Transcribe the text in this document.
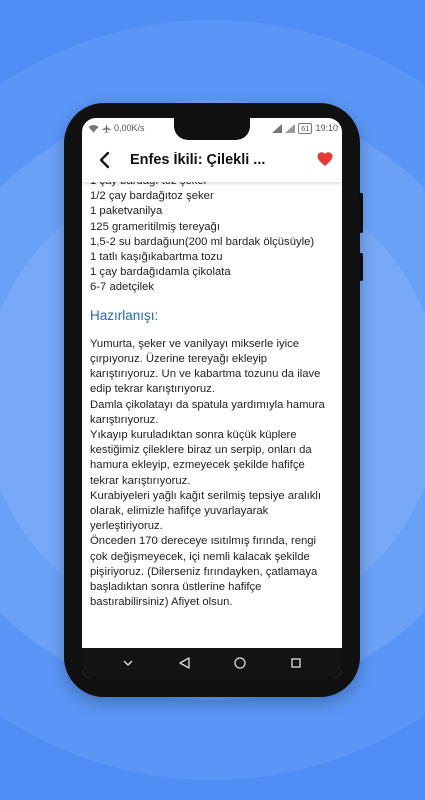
0,00K/s	61 19:10
Enfes İkili: Çilekli ...
1/2 çay bardağıtoz şeker
1 paketvanilya
125 grameritilmiş tereyağı
1,5-2 su bardağıun(200 ml bardak ölçüsüyle)
1 tatlı kaşığıkabartma tozu
1 çay bardağıdamla çikolata
6-7 adetçilek
Hazırlanışı:
Yumurta, şeker ve vanilyayı mikserle iyice çırpıyoruz. Üzerine tereyağı ekleyip karıştırıyoruz. Un ve kabartma tozunu da ilave edip tekrar karıştırıyoruz.
Damla çikolatayı da spatula yardımıyla hamura karıştırıyoruz.
Yıkayıp kuruladıktan sonra küçük küplere kestiğimiz çileklere biraz un serpip, onları da hamura ekleyip, ezmeyecek şekilde hafifçe tekrar karıştırıyoruz.
Kurabiyeleri yağlı kağıt serilmiş tepsiye aralıklı olarak, elimizle hafifçe yuvarlayarak yerleştiriyoruz.
Önceden 170 dereceye ısıtılmış fırında, rengi çok değişmeyecek, içi nemli kalacak şekilde pişiriyoruz. (Dilerseniz fırındayken, çatlamaya başladıktan sonra üstlerine hafifçe bastırabilirsiniz) Afiyet olsun.
